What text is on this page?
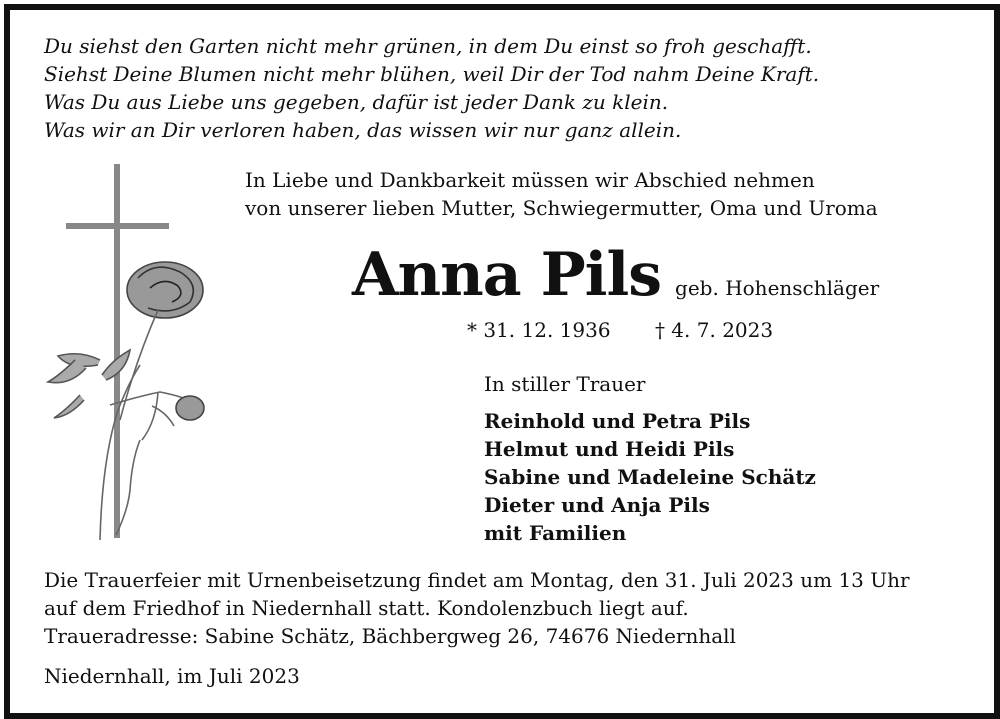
Du siehst den Garten nicht mehr grünen, in dem Du einst so froh geschafft.
Siehst Deine Blumen nicht mehr blühen, weil Dir der Tod nahm Deine Kraft.
Was Du aus Liebe uns gegeben, dafür ist jeder Dank zu klein.
Was wir an Dir verloren haben, das wissen wir nur ganz allein.
In Liebe und Dankbarkeit müssen wir Abschied nehmen
von unserer lieben Mutter, Schwiegermutter, Oma und Uroma
Anna Pils geb. Hohenschläger
* 31. 12. 1936 † 4. 7. 2023
In stiller Trauer
Reinhold und Petra Pils
Helmut und Heidi Pils
Sabine und Madeleine Schätz
Dieter und Anja Pils
mit Familien
Die Trauerfeier mit Urnenbeisetzung findet am Montag, den 31. Juli 2023 um 13 Uhr
auf dem Friedhof in Niedernhall statt. Kondolenzbuch liegt auf.
Traueradresse: Sabine Schätz, Bächbergweg 26, 74676 Niedernhall
Niedernhall, im Juli 2023
